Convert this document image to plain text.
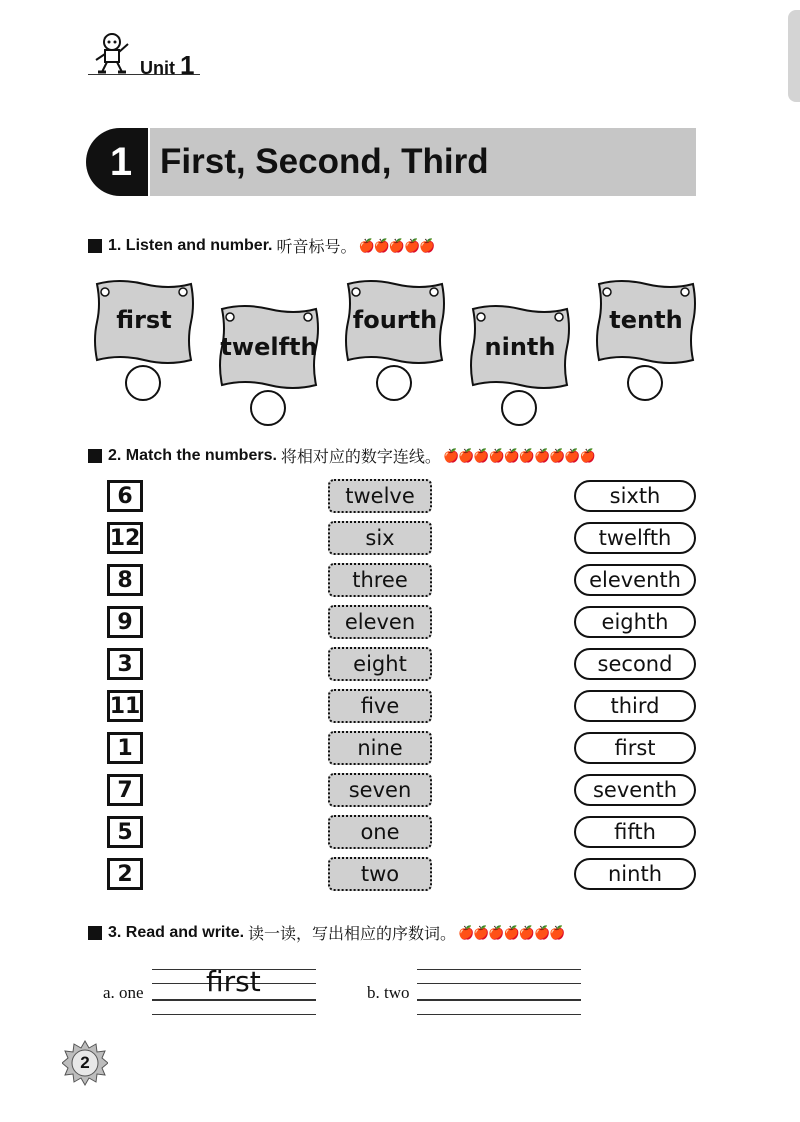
Unit 1
1 First, Second, Third
1. Listen and number. 听音标号。 🍎🍎🍎🍎🍎
first
twelfth
fourth
ninth
tenth
2. Match the numbers. 将相对应的数字连线。 🍎🍎🍎🍎🍎🍎🍎🍎🍎🍎
6	twelve	sixth
12	six	twelfth
8	three	eleventh
9	eleven	eighth
3	eight	second
11	five	third
1	nine	first
7	seven	seventh
5	one	fifth
2	two	ninth
3. Read and write. 读一读，写出相应的序数词。 🍎🍎🍎🍎🍎🍎🍎
a. one first	b. two
2
